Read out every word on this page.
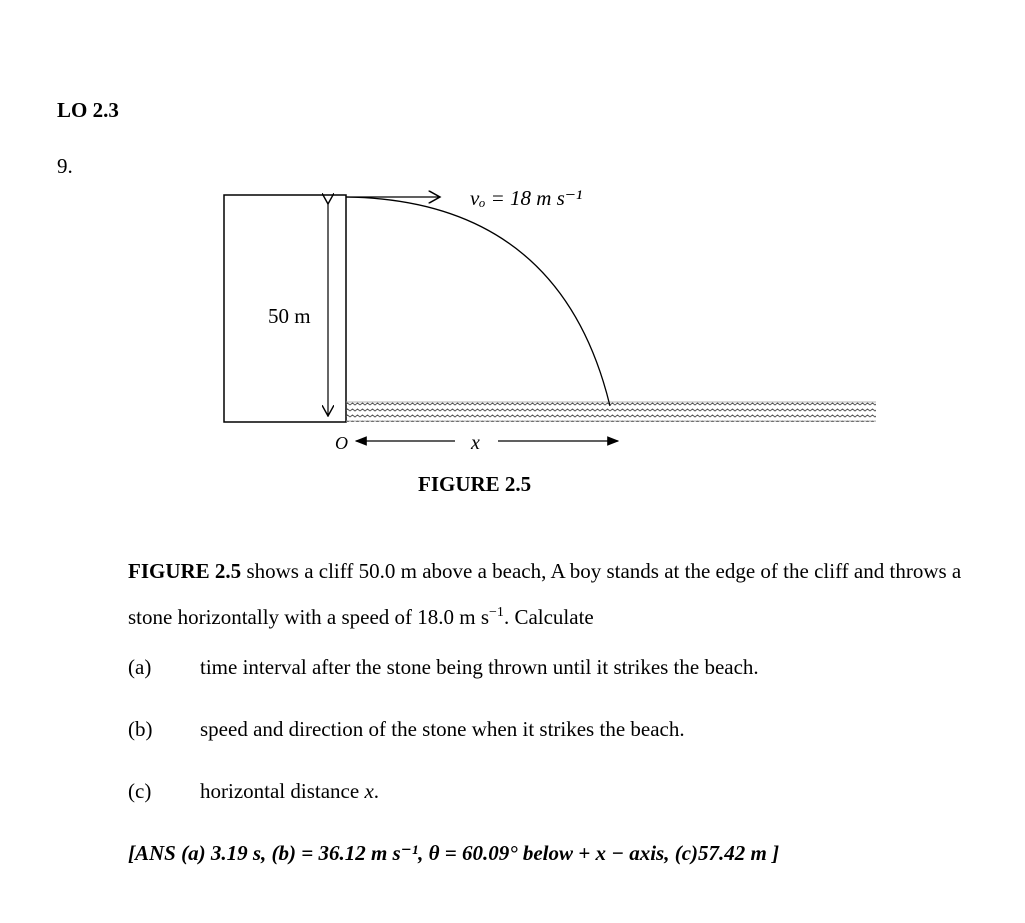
LO 2.3
9.
vₒ = 18 m s⁻¹
50 m
O	x
FIGURE 2.5
FIGURE 2.5 shows a cliff 50.0 m above a beach, A boy stands at the edge of the cliff and throws a stone horizontally with a speed of 18.0 m $s^{-1}$. Calculate
(a) time interval after the stone being thrown until it strikes the beach.
(b) speed and direction of the stone when it strikes the beach.
(c) horizontal distance x.
[ANS (a) 3.19 s, (b) = 36.12 m s⁻¹, θ = 60.09° below + x − axis, (c)57.42 m ]
